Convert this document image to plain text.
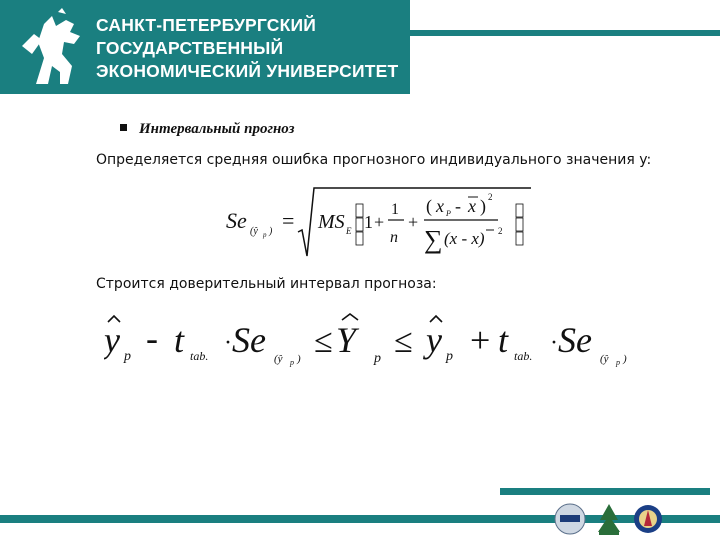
САНКТ-ПЕТЕРБУРГСКИЙ
ГОСУДАРСТВЕННЫЙ
ЭКОНОМИЧЕСКИЙ УНИВЕРСИТЕТ
Интервальный прогноз
Определяется средняя ошибка прогнозного индивидуального значения y:
Se (ŷ p ) = MS E 1 +
1
n
+
( x P - x ) 2
∑ (x - x) 2
Строится доверительный интервал прогноза:
y p - t tab. · Se (ŷ p ) ≤ Y p ≤ y p + t tab. · Se (ŷ p )
